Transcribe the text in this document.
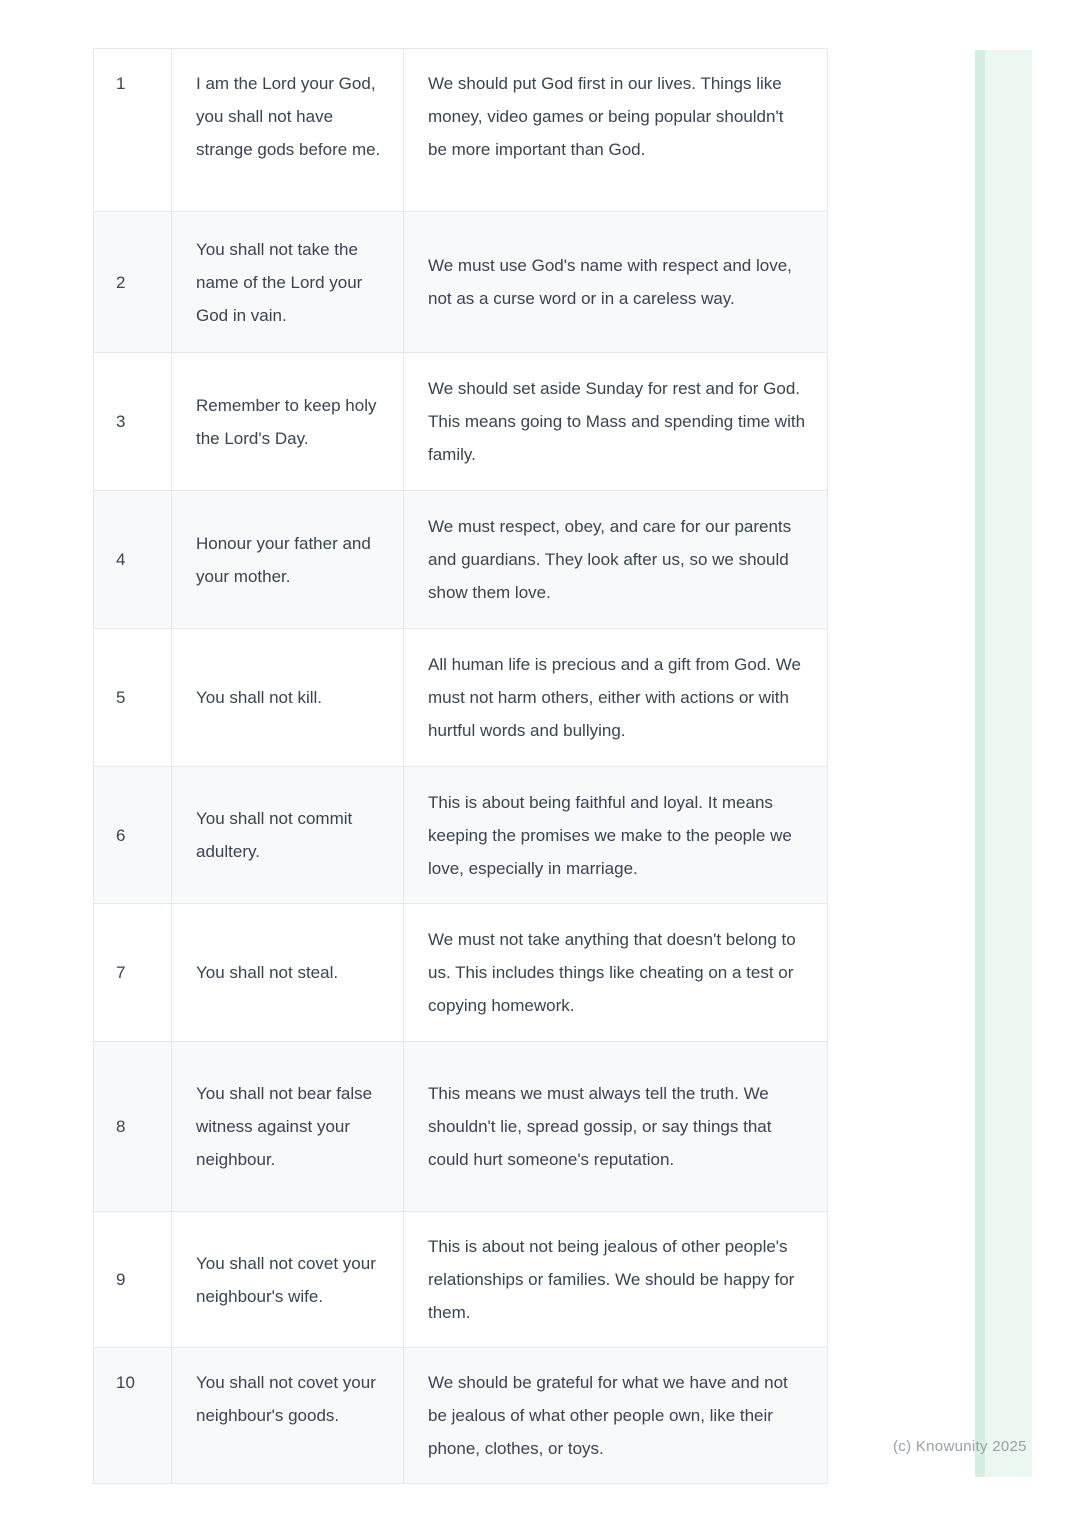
1	I am the Lord your God, you shall not have strange gods before me.	We should put God first in our lives. Things like money, video games or being popular shouldn't be more important than God.
2	You shall not take the name of the Lord your God in vain.	We must use God's name with respect and love, not as a curse word or in a careless way.
3	Remember to keep holy the Lord's Day.	We should set aside Sunday for rest and for God. This means going to Mass and spending time with family.
4	Honour your father and your mother.	We must respect, obey, and care for our parents and guardians. They look after us, so we should show them love.
5	You shall not kill.	All human life is precious and a gift from God. We must not harm others, either with actions or with hurtful words and bullying.
6	You shall not commit adultery.	This is about being faithful and loyal. It means keeping the promises we make to the people we love, especially in marriage.
7	You shall not steal.	We must not take anything that doesn't belong to us. This includes things like cheating on a test or copying homework.
8	You shall not bear false witness against your neighbour.	This means we must always tell the truth. We shouldn't lie, spread gossip, or say things that could hurt someone's reputation.
9	You shall not covet your neighbour's wife.	This is about not being jealous of other people's relationships or families. We should be happy for them.
10	You shall not covet your neighbour's goods.	We should be grateful for what we have and not be jealous of what other people own, like their phone, clothes, or toys.	(c) Knowunity 2025
